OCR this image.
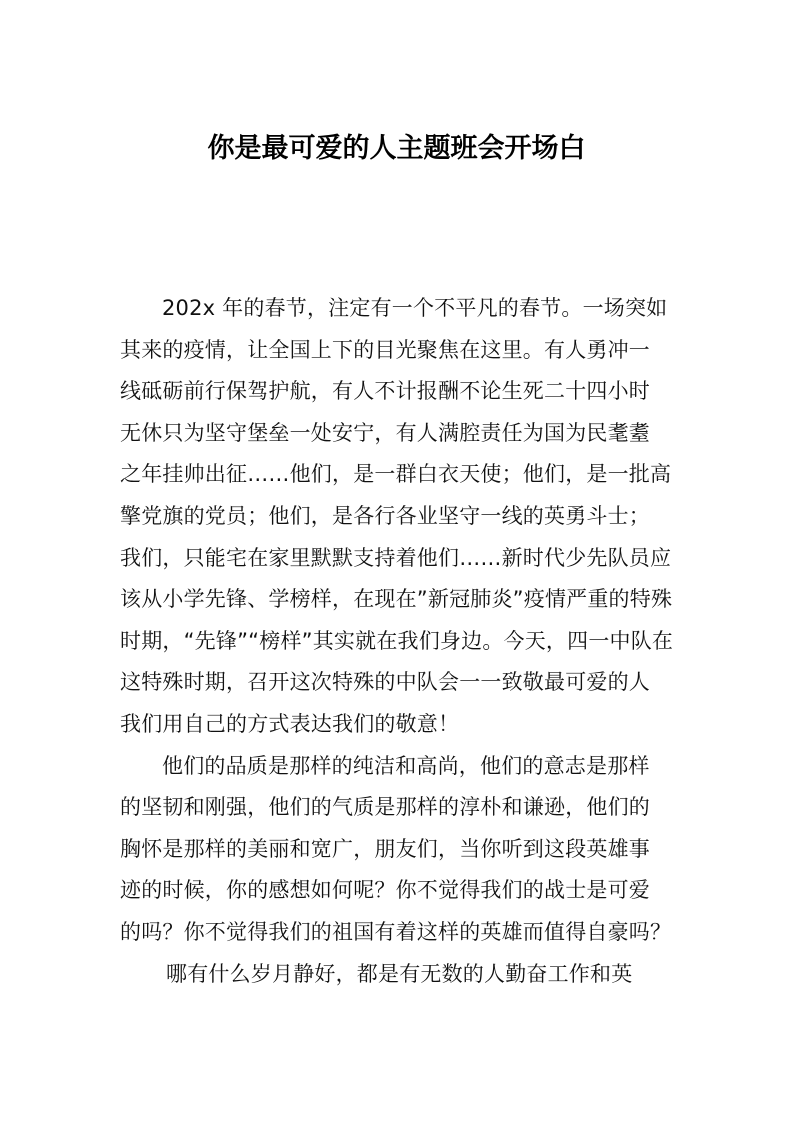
你是最可爱的人主题班会开场白
202x 年的春节，注定有一个不平凡的春节。一场突如
其来的疫情，让全国上下的目光聚焦在这里。有人勇冲一
线砥砺前行保驾护航，有人不计报酬不论生死二十四小时
无休只为坚守堡垒一处安宁，有人满腔责任为国为民耄耋
之年挂帅出征……他们，是一群白衣天使；他们，是一批高
擎党旗的党员；他们，是各行各业坚守一线的英勇斗士；
我们，只能宅在家里默默支持着他们……新时代少先队员应
该从小学先锋、学榜样，在现在”新冠肺炎”疫情严重的特殊
时期，“先锋”“榜样”其实就在我们身边。今天，四一中队在
这特殊时期，召开这次特殊的中队会一一致敬最可爱的人
我们用自己的方式表达我们的敬意！
他们的品质是那样的纯洁和高尚，他们的意志是那样
的坚韧和刚强，他们的气质是那样的淳朴和谦逊，他们的
胸怀是那样的美丽和宽广，朋友们，当你听到这段英雄事
迹的时候，你的感想如何呢？你不觉得我们的战士是可爱
的吗？你不觉得我们的祖国有着这样的英雄而值得自豪吗？
哪有什么岁月静好，都是有无数的人勤奋工作和英
